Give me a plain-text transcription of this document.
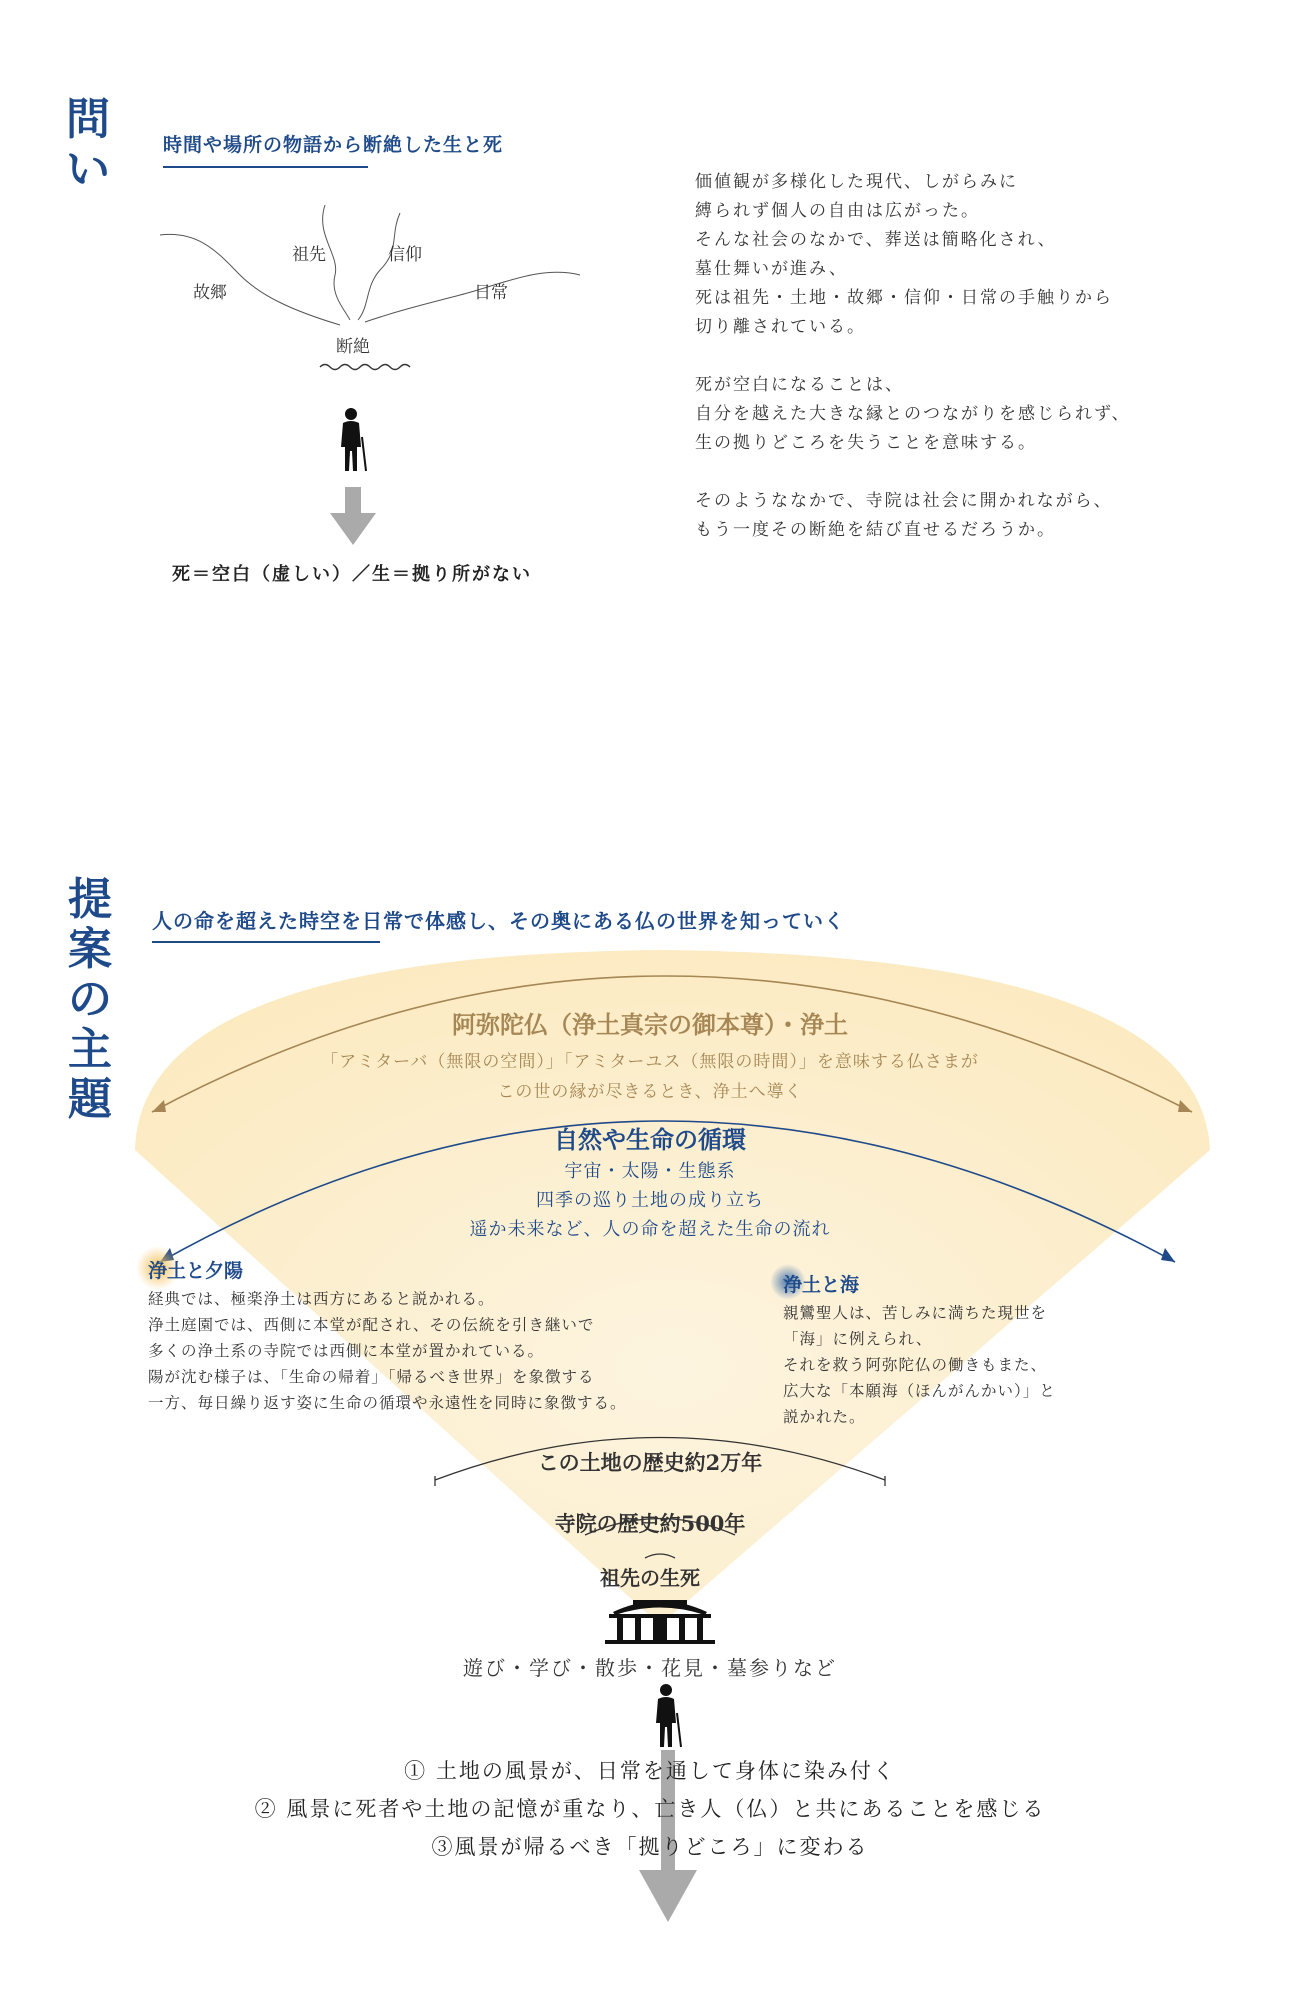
問
い	時間や場所の物語から断絶した生と死
祖先	信仰
故郷	日常
断絶
死＝空白（虚しい）／生＝拠り所がない

価値観が多様化した現代、しがらみに
縛られず個人の自由は広がった。
そんな社会のなかで、葬送は簡略化され、
墓仕舞いが進み、
死は祖先・土地・故郷・信仰・日常の手触りから
切り離されている。

死が空白になることは、
自分を越えた大きな縁とのつながりを感じられず、
生の拠りどころを失うことを意味する。

そのようななかで、寺院は社会に開かれながら、
もう一度その断絶を結び直せるだろうか。

提
案
の
主
題
人の命を超えた時空を日常で体感し、その奥にある仏の世界を知っていく
阿弥陀仏（浄土真宗の御本尊）・浄土
「アミターバ（無限の空間）」「アミターユス（無限の時間）」を意味する仏さまが
この世の縁が尽きるとき、浄土へ導く
自然や生命の循環
宇宙・太陽・生態系
四季の巡り土地の成り立ち
遥か未来など、人の命を超えた生命の流れ
浄土と夕陽
経典では、極楽浄土は西方にあると説かれる。
浄土庭園では、西側に本堂が配され、その伝統を引き継いで
多くの浄土系の寺院では西側に本堂が置かれている。
陽が沈む様子は、「生命の帰着」「帰るべき世界」を象徴する
一方、毎日繰り返す姿に生命の循環や永遠性を同時に象徴する。
浄土と海
親鸞聖人は、苦しみに満ちた現世を
「海」に例えられ、
それを救う阿弥陀仏の働きもまた、
広大な「本願海（ほんがんかい）」と
説かれた。
この土地の歴史約2万年
寺院の歴史約500年
祖先の生死
遊び・学び・散歩・花見・墓参りなど
① 土地の風景が、日常を通して身体に染み付く
② 風景に死者や土地の記憶が重なり、亡き人（仏）と共にあることを感じる
③風景が帰るべき「拠りどころ」に変わる
